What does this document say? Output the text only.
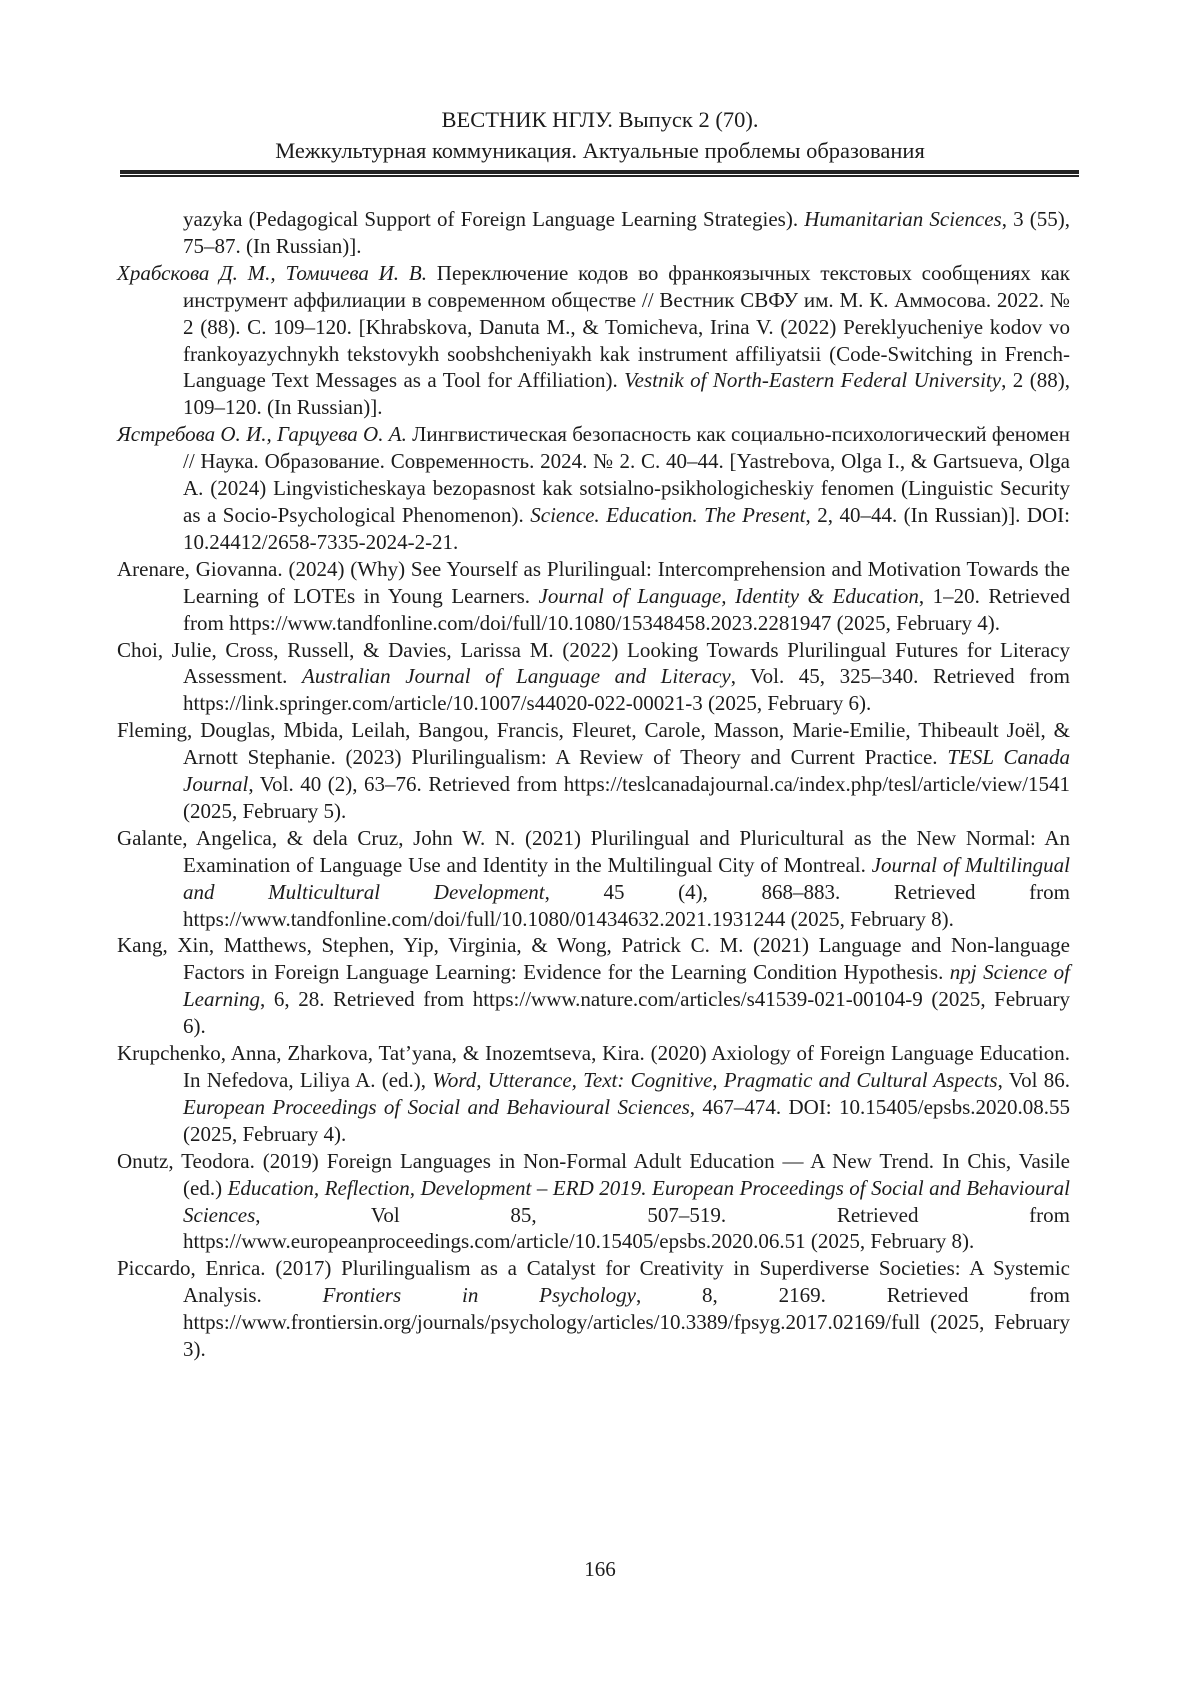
ВЕСТНИК НГЛУ. Выпуск 2 (70).
Межкультурная коммуникация. Актуальные проблемы образования

yazyka (Pedagogical Support of Foreign Language Learning Strategies). Humanitarian Sciences, 3 (55), 75–87. (In Russian)].

Храбскова Д. М., Томичева И. В. Переключение кодов во франкоязычных текстовых сообщениях как инструмент аффилиации в современном обществе // Вестник СВФУ им. М. К. Аммосова. 2022. № 2 (88). С. 109–120. [Khrabskova, Danuta M., & Tomicheva, Irina V. (2022) Pereklyucheniye kodov vo frankoyazychnykh tekstovykh soobshcheniyakh kak instrument affiliyatsii (Code-Switching in French-Language Text Messages as a Tool for Affiliation). Vestnik of North-Eastern Federal University, 2 (88), 109–120. (In Russian)].

Ястребова О. И., Гарцуева О. А. Лингвистическая безопасность как социально-психологический феномен // Наука. Образование. Современность. 2024. № 2. С. 40–44. [Yastrebova, Olga I., & Gartsueva, Olga A. (2024) Lingvisticheskaya bezopasnost kak sotsialno-psikhologicheskiy fenomen (Linguistic Security as a Socio-Psychological Phenomenon). Science. Education. The Present, 2, 40–44. (In Russian)]. DOI: 10.24412/2658-7335-2024-2-21.

Arenare, Giovanna. (2024) (Why) See Yourself as Plurilingual: Intercomprehension and Motivation Towards the Learning of LOTEs in Young Learners. Journal of Language, Identity & Education, 1–20. Retrieved from https://www.tandfonline.com/doi/full/10.1080/15348458.2023.2281947 (2025, February 4).

Choi, Julie, Cross, Russell, & Davies, Larissa M. (2022) Looking Towards Plurilingual Futures for Literacy Assessment. Australian Journal of Language and Literacy, Vol. 45, 325–340. Retrieved from https://link.springer.com/article/10.1007/s44020-022-00021-3 (2025, February 6).

Fleming, Douglas, Mbida, Leilah, Bangou, Francis, Fleuret, Carole, Masson, Marie-Emilie, Thibeault Joël, & Arnott Stephanie. (2023) Plurilingualism: A Review of Theory and Current Practice. TESL Canada Journal, Vol. 40 (2), 63–76. Retrieved from https://teslcanadajournal.ca/index.php/tesl/article/view/1541 (2025, February 5).

Galante, Angelica, & dela Cruz, John W. N. (2021) Plurilingual and Pluricultural as the New Normal: An Examination of Language Use and Identity in the Multilingual City of Montreal. Journal of Multilingual and Multicultural Development, 45 (4), 868–883. Retrieved from https://www.tandfonline.com/doi/full/10.1080/01434632.2021.1931244 (2025, February 8).

Kang, Xin, Matthews, Stephen, Yip, Virginia, & Wong, Patrick C. M. (2021) Language and Non-language Factors in Foreign Language Learning: Evidence for the Learning Condition Hypothesis. npj Science of Learning, 6, 28. Retrieved from https://www.nature.com/articles/s41539-021-00104-9 (2025, February 6).

Krupchenko, Anna, Zharkova, Tat’yana, & Inozemtseva, Kira. (2020) Axiology of Foreign Language Education. In Nefedova, Liliya A. (ed.), Word, Utterance, Text: Cognitive, Pragmatic and Cultural Aspects, Vol 86. European Proceedings of Social and Behavioural Sciences, 467–474. DOI: 10.15405/epsbs.2020.08.55 (2025, February 4).

Onutz, Teodora. (2019) Foreign Languages in Non-Formal Adult Education — A New Trend. In Chis, Vasile (ed.) Education, Reflection, Development – ERD 2019. European Proceedings of Social and Behavioural Sciences, Vol 85, 507–519. Retrieved from https://www.europeanproceedings.com/article/10.15405/epsbs.2020.06.51 (2025, February 8).

Piccardo, Enrica. (2017) Plurilingualism as a Catalyst for Creativity in Superdiverse Societies: A Systemic Analysis. Frontiers in Psychology, 8, 2169. Retrieved from https://www.frontiersin.org/journals/psychology/articles/10.3389/fpsyg.2017.02169/full (2025, February 3).

166
